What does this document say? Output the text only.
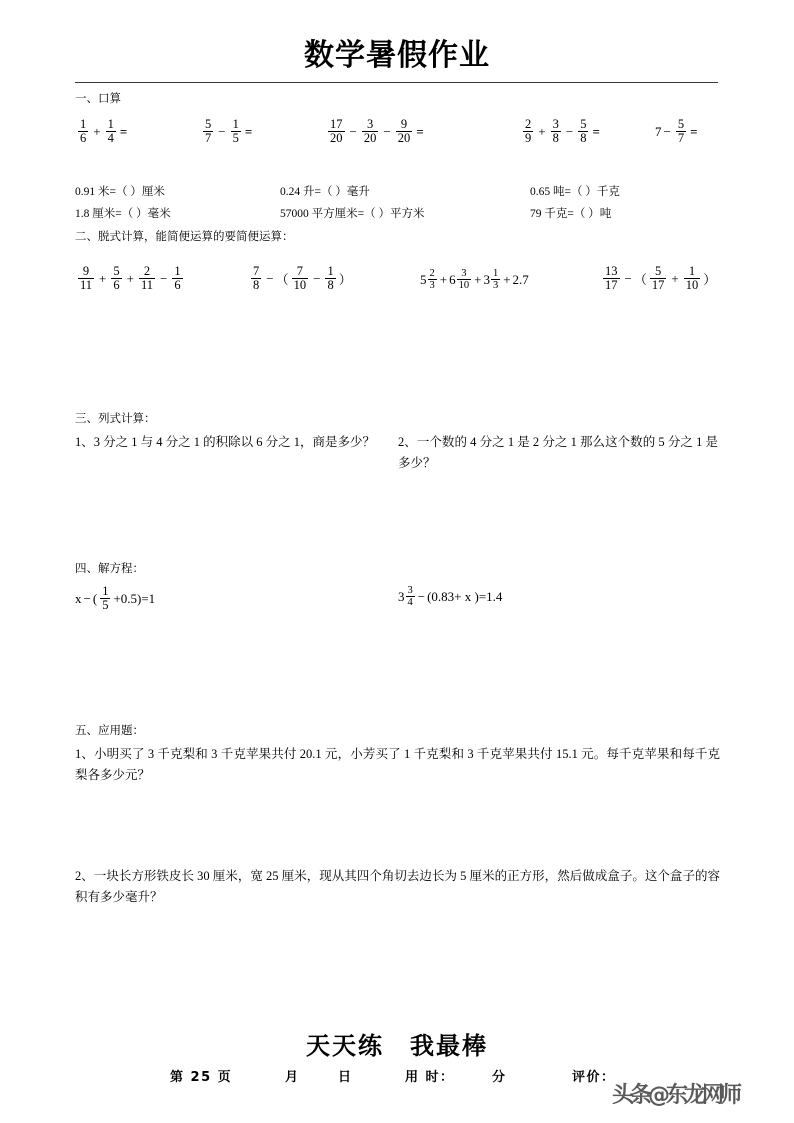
数学暑假作业
一、口算
$\frac{1}{6} + \frac{1}{4}$ =	$\frac{5}{7} - \frac{1}{5}$ =	$\frac{17}{20} - \frac{3}{20} - \frac{9}{20}$ =	$\frac{2}{9} + \frac{3}{8} - \frac{5}{8}$ =	$7 - \frac{5}{7}$ =
0.91 米=（ ）厘米	0.24 升=（ ）毫升	0.65 吨=（ ）千克
1.8 厘米=（ ）毫米	57000 平方厘米=（ ）平方米	79 千克=（ ）吨
二、脱式计算，能简便运算的要简便运算：
$\frac{9}{11} + \frac{5}{6} + \frac{2}{11} - \frac{1}{6}$	$\frac{7}{8}$ − （ $\frac{7}{10} - \frac{1}{8}$ ）	$5 \frac{2}{3} + 6 \frac{3}{10} + 3 \frac{1}{3} + 2.7$	$\frac{13}{17}$ − （ $\frac{5}{17} + \frac{1}{10}$ ）
三、列式计算：
1、3 分之 1 与 4 分之 1 的积除以 6 分之 1，商是多少？ 2、一个数的 4 分之 1 是 2 分之 1 那么这个数的 5 分之 1 是多少？
四、解方程：
x − ( $\frac{1}{5} +0.5)=1$	$3 \frac{3}{4} - (0.83+ x$ )=1.4
五、应用题：
1、小明买了 3 千克梨和 3 千克苹果共付 20.1 元，小芳买了 1 千克梨和 3 千克苹果共付 15.1 元。每千克苹果和每千克梨各多少元？
2、一块长方形铁皮长 30 厘米，宽 25 厘米，现从其四个角切去边长为 5 厘米的正方形，然后做成盒子。这个盒子的容积有多少毫升？
天天练　我最棒
第 25 页	月	日	用 时：	分	评价：
头条@东龙网师
